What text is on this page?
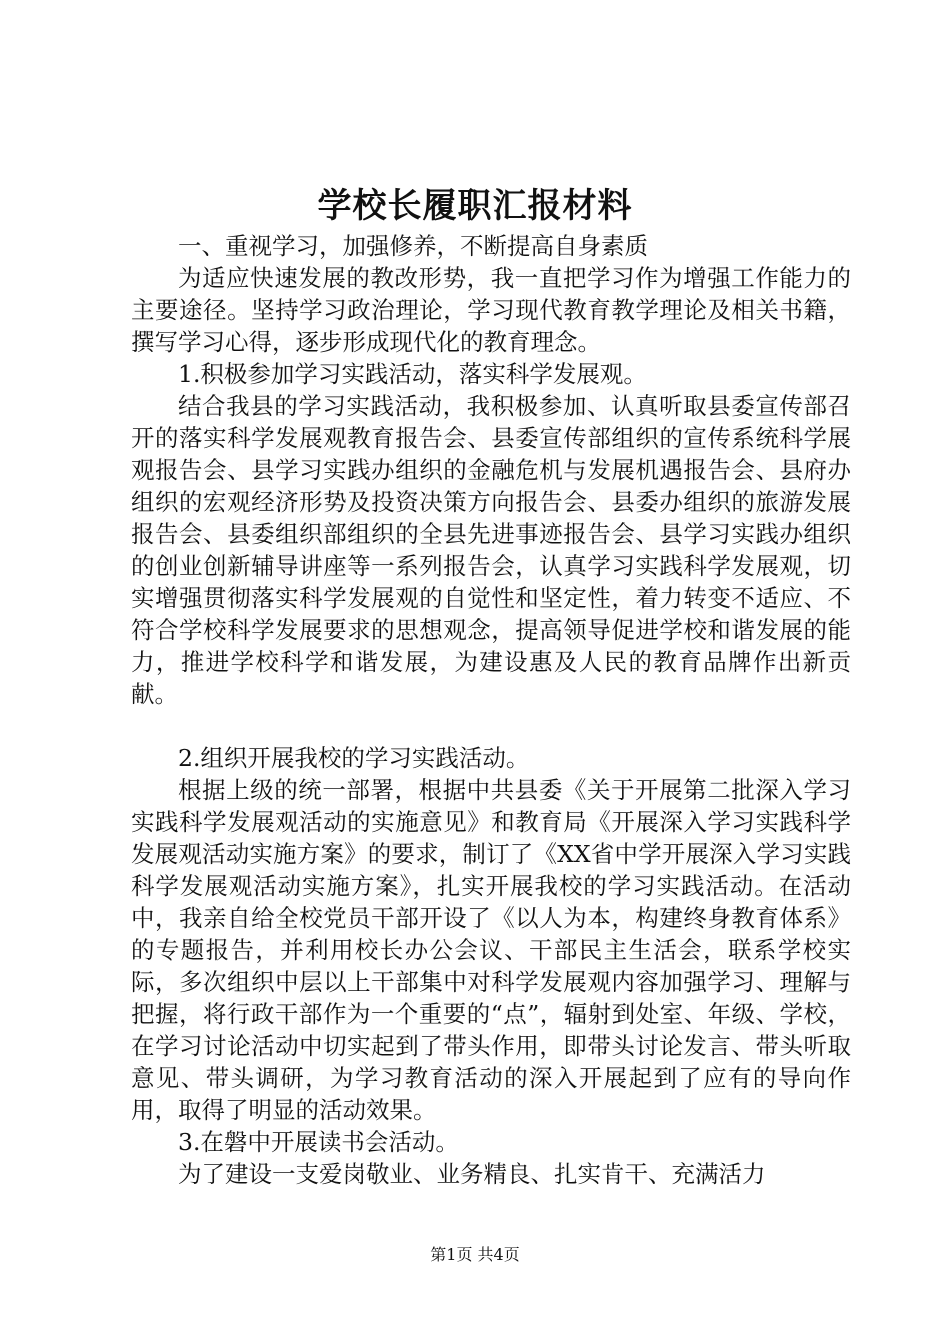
学校长履职汇报材料

一、重视学习，加强修养，不断提高自身素质

为适应快速发展的教改形势，我一直把学习作为增强工作能力的主要途径。坚持学习政治理论，学习现代教育教学理论及相关书籍，撰写学习心得，逐步形成现代化的教育理念。

1.积极参加学习实践活动，落实科学发展观。

结合我县的学习实践活动，我积极参加、认真听取县委宣传部召开的落实科学发展观教育报告会、县委宣传部组织的宣传系统科学展观报告会、县学习实践办组织的金融危机与发展机遇报告会、县府办组织的宏观经济形势及投资决策方向报告会、县委办组织的旅游发展报告会、县委组织部组织的全县先进事迹报告会、县学习实践办组织的创业创新辅导讲座等一系列报告会，认真学习实践科学发展观，切实增强贯彻落实科学发展观的自觉性和坚定性，着力转变不适应、不符合学校科学发展要求的思想观念，提高领导促进学校和谐发展的能力，推进学校科学和谐发展，为建设惠及人民的教育品牌作出新贡献。

2.组织开展我校的学习实践活动。

根据上级的统一部署，根据中共县委《关于开展第二批深入学习实践科学发展观活动的实施意见》和教育局《开展深入学习实践科学发展观活动实施方案》的要求，制订了《XX省中学开展深入学习实践科学发展观活动实施方案》，扎实开展我校的学习实践活动。在活动中，我亲自给全校党员干部开设了《以人为本，构建终身教育体系》的专题报告，并利用校长办公会议、干部民主生活会，联系学校实际，多次组织中层以上干部集中对科学发展观内容加强学习、理解与把握，将行政干部作为一个重要的“点”，辐射到处室、年级、学校，在学习讨论活动中切实起到了带头作用，即带头讨论发言、带头听取意见、带头调研，为学习教育活动的深入开展起到了应有的导向作用，取得了明显的活动效果。

3.在磐中开展读书会活动。

为了建设一支爱岗敬业、业务精良、扎实肯干、充满活力

第1页 共4页
